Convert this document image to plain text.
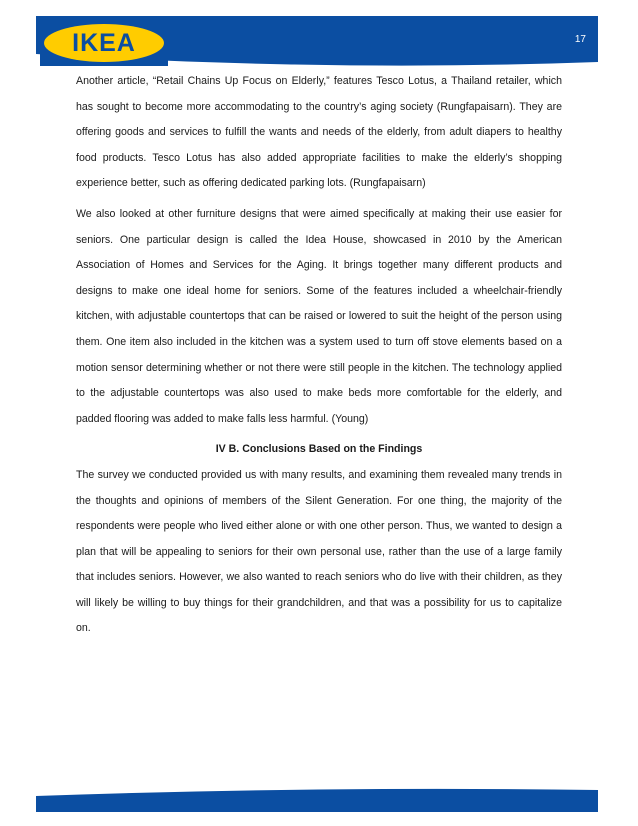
IKEA	17

Another article, “Retail Chains Up Focus on Elderly,” features Tesco Lotus, a Thailand retailer, which has sought to become more accommodating to the country’s aging society (Rungfapaisarn). They are offering goods and services to fulfill the wants and needs of the elderly, from adult diapers to healthy food products. Tesco Lotus has also added appropriate facilities to make the elderly’s shopping experience better, such as offering dedicated parking lots. (Rungfapaisarn)

We also looked at other furniture designs that were aimed specifically at making their use easier for seniors. One particular design is called the Idea House, showcased in 2010 by the American Association of Homes and Services for the Aging. It brings together many different products and designs to make one ideal home for seniors. Some of the features included a wheelchair-friendly kitchen, with adjustable countertops that can be raised or lowered to suit the height of the person using them. One item also included in the kitchen was a system used to turn off stove elements based on a motion sensor determining whether or not there were still people in the kitchen. The technology applied to the adjustable countertops was also used to make beds more comfortable for the elderly, and padded flooring was added to make falls less harmful. (Young)

IV B. Conclusions Based on the Findings

The survey we conducted provided us with many results, and examining them revealed many trends in the thoughts and opinions of members of the Silent Generation. For one thing, the majority of the respondents were people who lived either alone or with one other person. Thus, we wanted to design a plan that will be appealing to seniors for their own personal use, rather than the use of a large family that includes seniors. However, we also wanted to reach seniors who do live with their children, as they will likely be willing to buy things for their grandchildren, and that was a possibility for us to capitalize on.
